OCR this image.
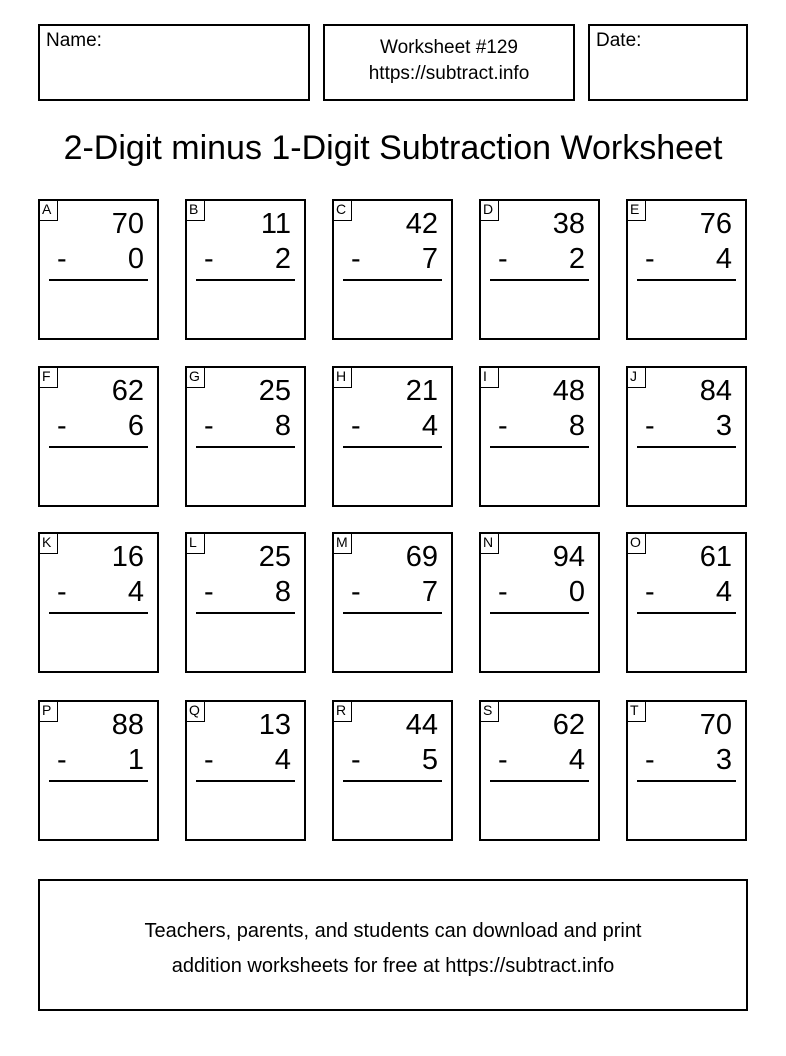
Name:	Worksheet #129
https://subtract.info
Date:
2-Digit minus 1-Digit Subtraction Worksheet
A 70
- 0
B 11
- 2
C 42
- 7
D 38
- 2
E 76
- 4
F 62
- 6
G 25
- 8
H 21
- 4
I	48
- 8
J	84
- 3
K 16
- 4
L 25
- 8
M 69
- 7
N 94
- 0
O 61
- 4
P 88
- 1
Q 13
- 4
R 44
- 5
S 62
- 4
T 70
- 3
Teachers, parents, and students can download and print
addition worksheets for free at https://subtract.info
